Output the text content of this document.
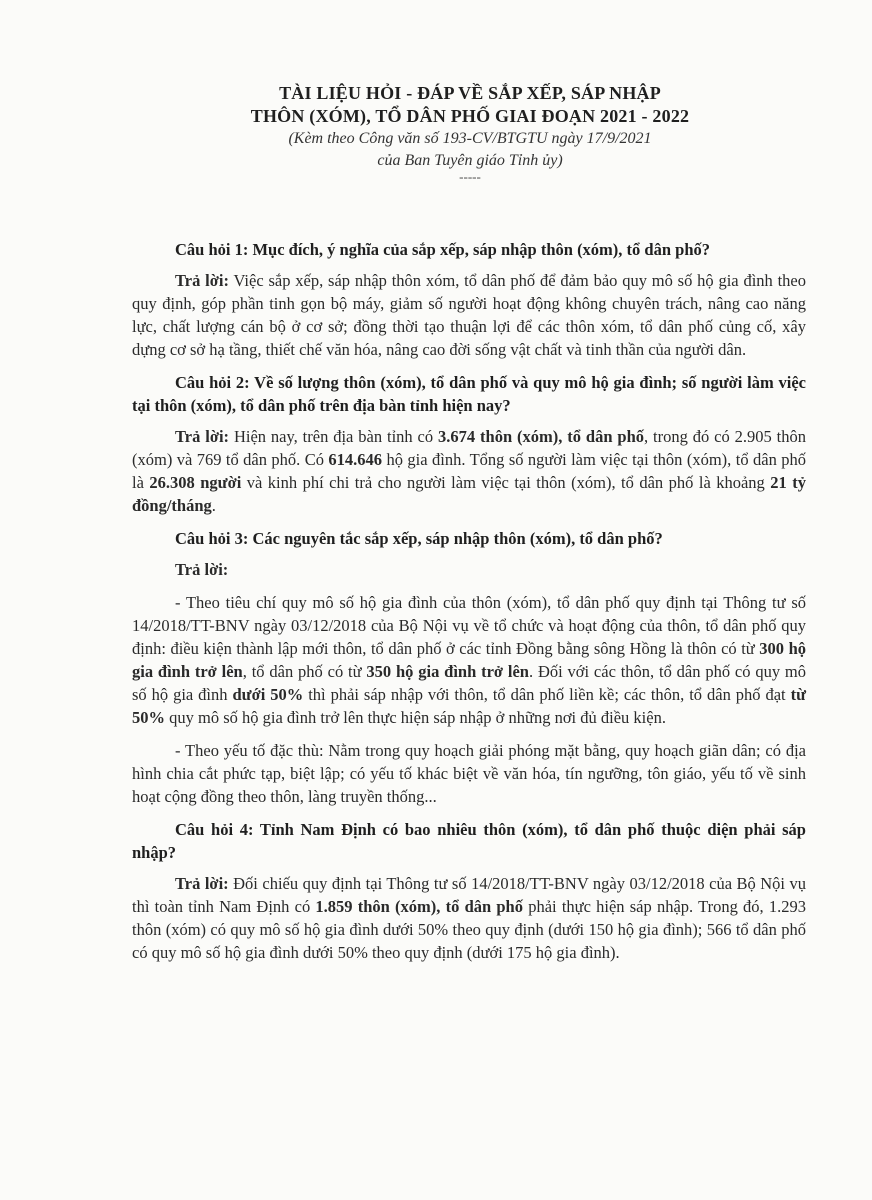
TÀI LIỆU HỎI - ĐÁP VỀ SẮP XẾP, SÁP NHẬP
THÔN (XÓM), TỔ DÂN PHỐ GIAI ĐOẠN 2021 - 2022
(Kèm theo Công văn số 193-CV/BTGTU ngày 17/9/2021
của Ban Tuyên giáo Tỉnh ủy)
-----

Câu hỏi 1: Mục đích, ý nghĩa của sắp xếp, sáp nhập thôn (xóm), tổ dân phố?

Trả lời: Việc sắp xếp, sáp nhập thôn xóm, tổ dân phố để đảm bảo quy mô số hộ gia đình theo quy định, góp phần tinh gọn bộ máy, giảm số người hoạt động không chuyên trách, nâng cao năng lực, chất lượng cán bộ ở cơ sở; đồng thời tạo thuận lợi để các thôn xóm, tổ dân phố củng cố, xây dựng cơ sở hạ tầng, thiết chế văn hóa, nâng cao đời sống vật chất và tinh thần của người dân.

Câu hỏi 2: Về số lượng thôn (xóm), tổ dân phố và quy mô hộ gia đình; số người làm việc tại thôn (xóm), tổ dân phố trên địa bàn tỉnh hiện nay?

Trả lời: Hiện nay, trên địa bàn tỉnh có 3.674 thôn (xóm), tổ dân phố, trong đó có 2.905 thôn (xóm) và 769 tổ dân phố. Có 614.646 hộ gia đình. Tổng số người làm việc tại thôn (xóm), tổ dân phố là 26.308 người và kinh phí chi trả cho người làm việc tại thôn (xóm), tổ dân phố là khoảng 21 tỷ đồng/tháng.

Câu hỏi 3: Các nguyên tắc sắp xếp, sáp nhập thôn (xóm), tổ dân phố?

Trả lời:

- Theo tiêu chí quy mô số hộ gia đình của thôn (xóm), tổ dân phố quy định tại Thông tư số 14/2018/TT-BNV ngày 03/12/2018 của Bộ Nội vụ về tổ chức và hoạt động của thôn, tổ dân phố quy định: điều kiện thành lập mới thôn, tổ dân phố ở các tỉnh Đồng bằng sông Hồng là thôn có từ 300 hộ gia đình trở lên, tổ dân phố có từ 350 hộ gia đình trở lên. Đối với các thôn, tổ dân phố có quy mô số hộ gia đình dưới 50% thì phải sáp nhập với thôn, tổ dân phố liền kề; các thôn, tổ dân phố đạt từ 50% quy mô số hộ gia đình trở lên thực hiện sáp nhập ở những nơi đủ điều kiện.

- Theo yếu tố đặc thù: Nằm trong quy hoạch giải phóng mặt bằng, quy hoạch giãn dân; có địa hình chia cắt phức tạp, biệt lập; có yếu tố khác biệt về văn hóa, tín ngưỡng, tôn giáo, yếu tố về sinh hoạt cộng đồng theo thôn, làng truyền thống...

Câu hỏi 4: Tỉnh Nam Định có bao nhiêu thôn (xóm), tổ dân phố thuộc diện phải sáp nhập?

Trả lời: Đối chiếu quy định tại Thông tư số 14/2018/TT-BNV ngày 03/12/2018 của Bộ Nội vụ thì toàn tỉnh Nam Định có 1.859 thôn (xóm), tổ dân phố phải thực hiện sáp nhập. Trong đó, 1.293 thôn (xóm) có quy mô số hộ gia đình dưới 50% theo quy định (dưới 150 hộ gia đình); 566 tổ dân phố có quy mô số hộ gia đình dưới 50% theo quy định (dưới 175 hộ gia đình).
